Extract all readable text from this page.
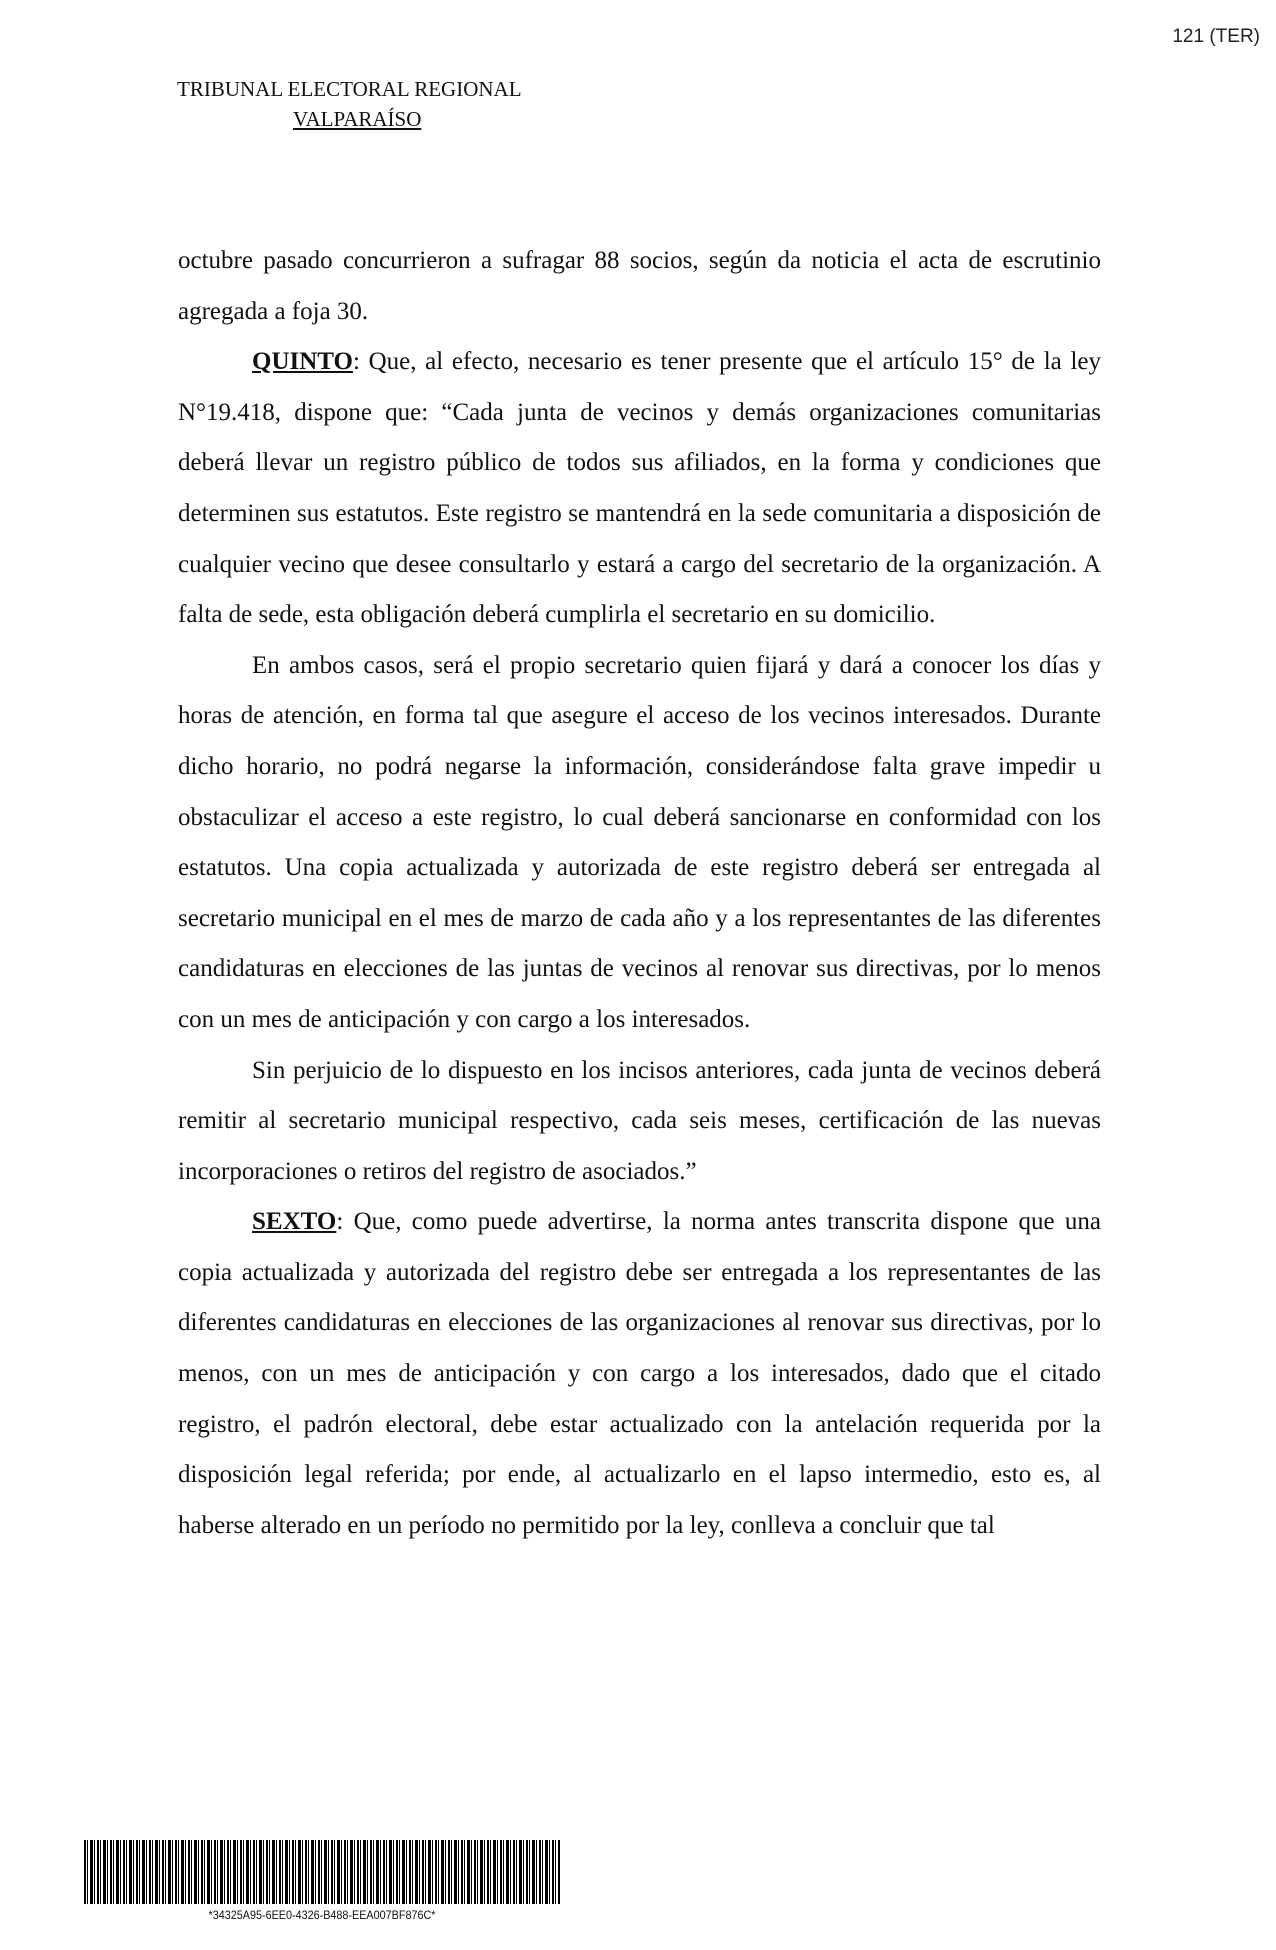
121 (TER)
TRIBUNAL ELECTORAL REGIONAL
VALPARAÍSO

octubre pasado concurrieron a sufragar 88 socios, según da noticia el acta de escrutinio agregada a foja 30.

QUINTO: Que, al efecto, necesario es tener presente que el artículo 15° de la ley N°19.418, dispone que: “Cada junta de vecinos y demás organizaciones comunitarias deberá llevar un registro público de todos sus afiliados, en la forma y condiciones que determinen sus estatutos. Este registro se mantendrá en la sede comunitaria a disposición de cualquier vecino que desee consultarlo y estará a cargo del secretario de la organización. A falta de sede, esta obligación deberá cumplirla el secretario en su domicilio.

En ambos casos, será el propio secretario quien fijará y dará a conocer los días y horas de atención, en forma tal que asegure el acceso de los vecinos interesados. Durante dicho horario, no podrá negarse la información, considerándose falta grave impedir u obstaculizar el acceso a este registro, lo cual deberá sancionarse en conformidad con los estatutos. Una copia actualizada y autorizada de este registro deberá ser entregada al secretario municipal en el mes de marzo de cada año y a los representantes de las diferentes candidaturas en elecciones de las juntas de vecinos al renovar sus directivas, por lo menos con un mes de anticipación y con cargo a los interesados.

Sin perjuicio de lo dispuesto en los incisos anteriores, cada junta de vecinos deberá remitir al secretario municipal respectivo, cada seis meses, certificación de las nuevas incorporaciones o retiros del registro de asociados.”

SEXTO: Que, como puede advertirse, la norma antes transcrita dispone que una copia actualizada y autorizada del registro debe ser entregada a los representantes de las diferentes candidaturas en elecciones de las organizaciones al renovar sus directivas, por lo menos, con un mes de anticipación y con cargo a los interesados, dado que el citado registro, el padrón electoral, debe estar actualizado con la antelación requerida por la disposición legal referida; por ende, al actualizarlo en el lapso intermedio, esto es, al haberse alterado en un período no permitido por la ley, conlleva a concluir que tal

*34325A95-6EE0-4326-B488-EEA007BF876C*
